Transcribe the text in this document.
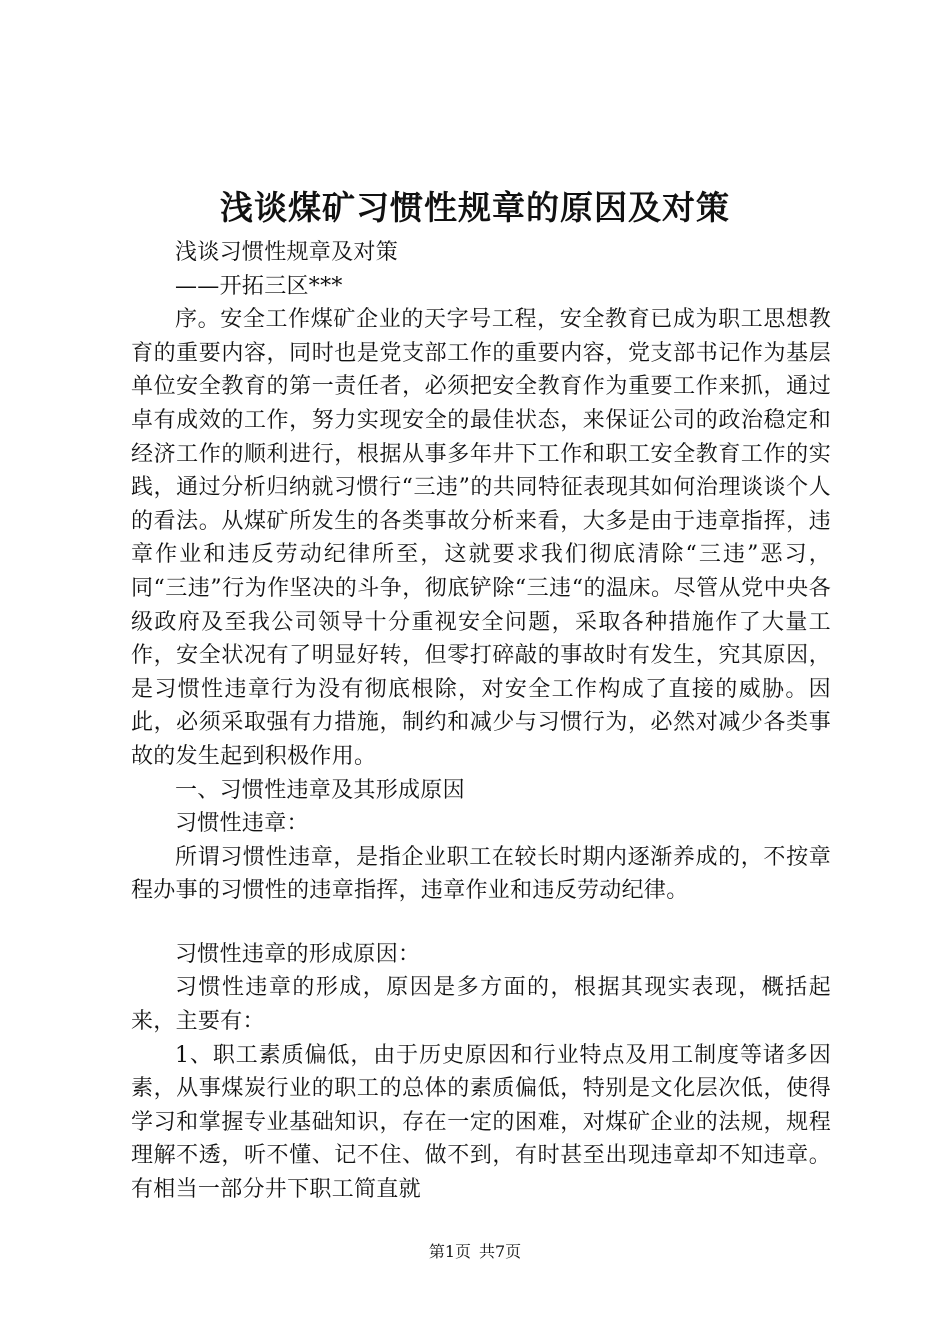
浅谈煤矿习惯性规章的原因及对策

浅谈习惯性规章及对策

——开拓三区***

序。安全工作煤矿企业的天字号工程，安全教育已成为职工思想教育的重要内容，同时也是党支部工作的重要内容，党支部书记作为基层单位安全教育的第一责任者，必须把安全教育作为重要工作来抓，通过卓有成效的工作，努力实现安全的最佳状态，来保证公司的政治稳定和经济工作的顺利进行，根据从事多年井下工作和职工安全教育工作的实践，通过分析归纳就习惯行“三违”的共同特征表现其如何治理谈谈个人的看法。从煤矿所发生的各类事故分析来看，大多是由于违章指挥，违章作业和违反劳动纪律所至，这就要求我们彻底清除“三违”恶习，同“三违”行为作坚决的斗争，彻底铲除“三违“的温床。尽管从党中央各级政府及至我公司领导十分重视安全问题，采取各种措施作了大量工作，安全状况有了明显好转，但零打碎敲的事故时有发生，究其原因，是习惯性违章行为没有彻底根除，对安全工作构成了直接的威胁。因此，必须采取强有力措施，制约和减少与习惯行为，必然对减少各类事故的发生起到积极作用。

一、习惯性违章及其形成原因

习惯性违章：

所谓习惯性违章，是指企业职工在较长时期内逐渐养成的，不按章程办事的习惯性的违章指挥，违章作业和违反劳动纪律。

习惯性违章的形成原因：

习惯性违章的形成，原因是多方面的，根据其现实表现，概括起来，主要有：

1、职工素质偏低，由于历史原因和行业特点及用工制度等诸多因素，从事煤炭行业的职工的总体的素质偏低，特别是文化层次低，使得学习和掌握专业基础知识，存在一定的困难，对煤矿企业的法规，规程理解不透，听不懂、记不住、做不到，有时甚至出现违章却不知违章。有相当一部分井下职工简直就

第1页 共7页
